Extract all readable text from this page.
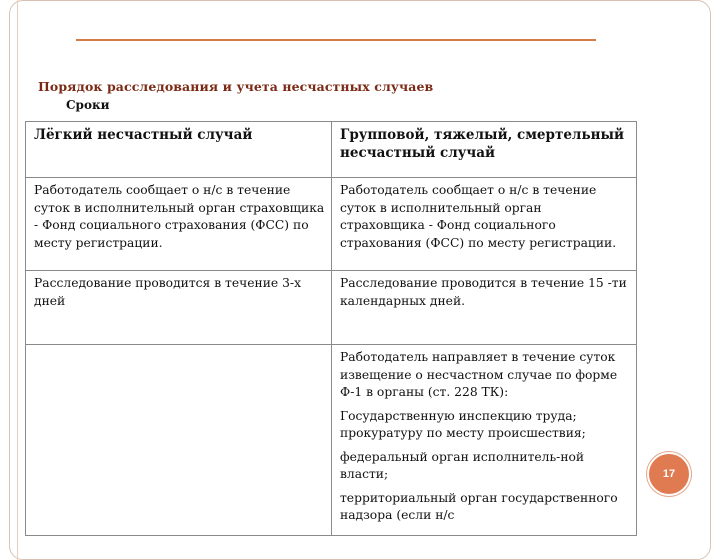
Порядок расследования и учета несчастных случаев
Сроки
Лёгкий несчастный случай	Групповой, тяжелый, смертельный несчастный случай
Работодатель сообщает о н/с в течение суток в исполнительный орган страховщика - Фонд социального страхования (ФСС) по месту регистрации.	Работодатель сообщает о н/с в течение суток в исполнительный орган страховщика - Фонд социального страхования (ФСС) по месту регистрации.
Расследование проводится в течение 3-х дней	Расследование проводится в течение 15 -ти календарных дней.

	Работодатель направляет в течение суток извещение о несчастном случае по форме Ф-1 в органы (ст. 228 ТК):
Государственную инспекцию труда; прокуратуру по месту происшествия;
федеральный орган исполнитель-ной власти;
территориальный орган государственного надзора (если н/с
17
